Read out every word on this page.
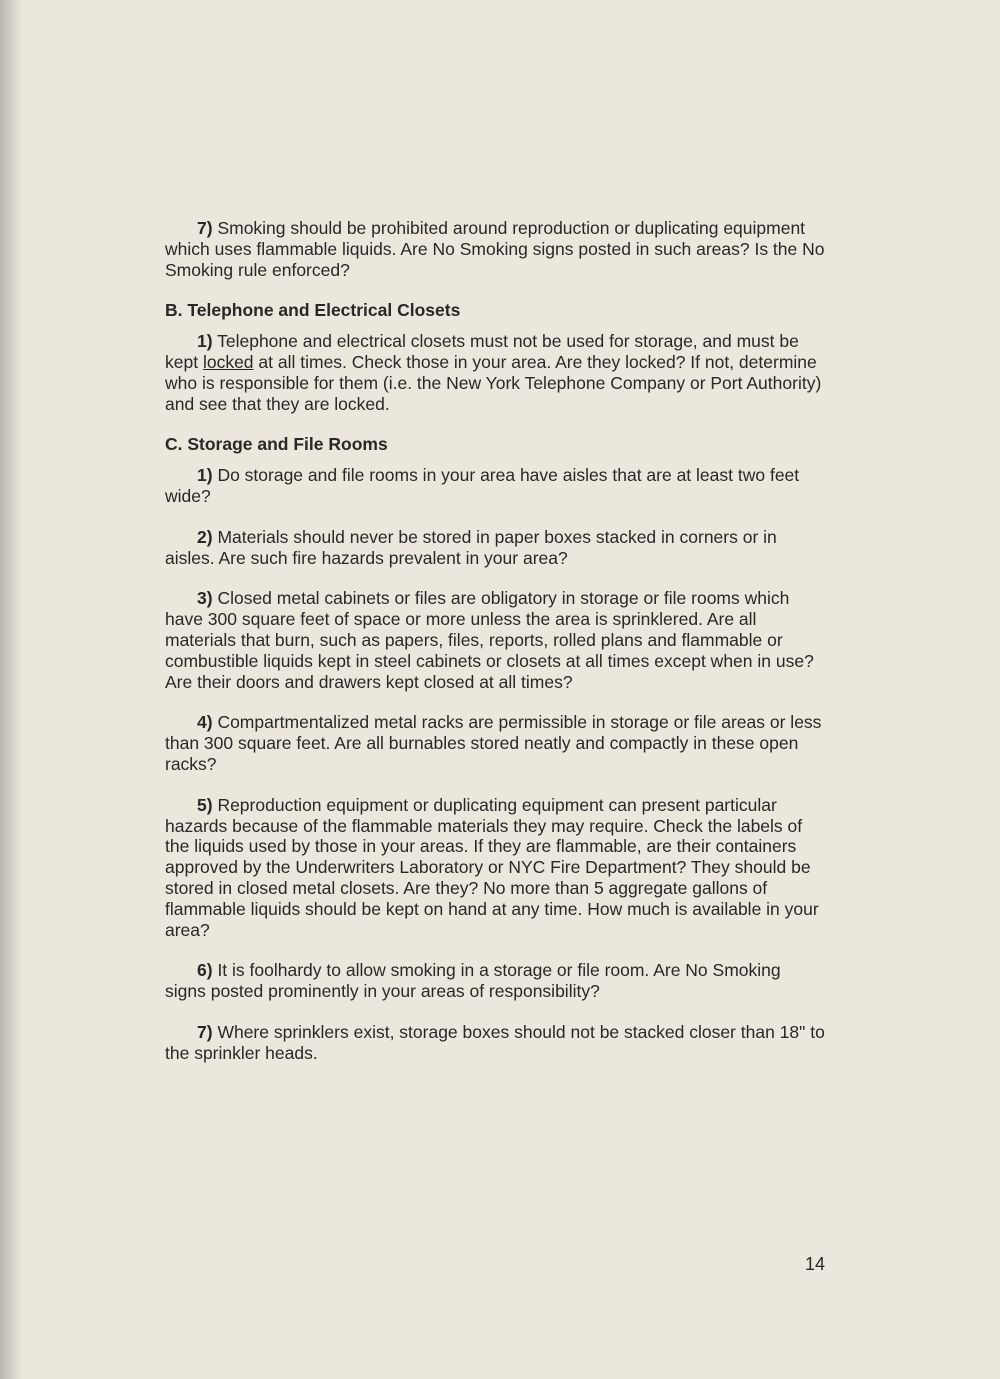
7) Smoking should be prohibited around reproduction or duplicating equipment which uses flammable liquids. Are No Smoking signs posted in such areas? Is the No Smoking rule enforced?

B. Telephone and Electrical Closets

1) Telephone and electrical closets must not be used for storage, and must be kept locked at all times. Check those in your area. Are they locked? If not, determine who is responsible for them (i.e. the New York Telephone Company or Port Authority) and see that they are locked.

C. Storage and File Rooms

1) Do storage and file rooms in your area have aisles that are at least two feet wide?

2) Materials should never be stored in paper boxes stacked in corners or in aisles. Are such fire hazards prevalent in your area?

3) Closed metal cabinets or files are obligatory in storage or file rooms which have 300 square feet of space or more unless the area is sprinklered. Are all materials that burn, such as papers, files, reports, rolled plans and flammable or combustible liquids kept in steel cabinets or closets at all times except when in use? Are their doors and drawers kept closed at all times?

4) Compartmentalized metal racks are permissible in storage or file areas or less than 300 square feet. Are all burnables stored neatly and compactly in these open racks?

5) Reproduction equipment or duplicating equipment can present particular hazards because of the flammable materials they may require. Check the labels of the liquids used by those in your areas. If they are flammable, are their containers approved by the Underwriters Laboratory or NYC Fire Department? They should be stored in closed metal closets. Are they? No more than 5 aggregate gallons of flammable liquids should be kept on hand at any time. How much is available in your area?

6) It is foolhardy to allow smoking in a storage or file room. Are No Smoking signs posted prominently in your areas of responsibility?

7) Where sprinklers exist, storage boxes should not be stacked closer than 18" to the sprinkler heads.

14
